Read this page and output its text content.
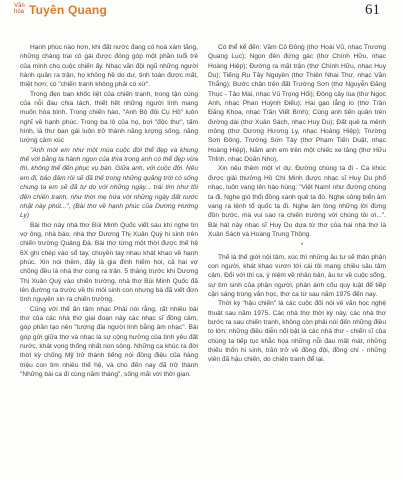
Văn hóa Tuyên Quang	61

Hạnh phúc nào hơn, khi đất nước đang có hoà xám tăng, những chàng trai cô gái được đóng góp một phần tuổi trẻ của mình cho cuộc chiến ấy. Nhạc văn đội ngũ những người hành quân ra trận, họ không hề do dư, tinh toán được mất, thiệt hơn; có "chiến tranh không phải có xứ".

Trong đẹn ban khốc liệt của chiến tranh, trong tận cùng của nỗi đau chia tách, thiết hết những người lính mang muốn hòa bình. Trong chiến hào, "Anh Bộ đội Cụ Hồ" luôn nghĩ về hạnh phúc. Trong ba lô của họ, bơi "độc thư", tấm hình, là thư ban gái luôn trở thành năng lượng sống, năng lượng cảm xúc

"Anh mời em như một mùa cuộc đời thể đẹp và khung thế với bằng ta hành ngon của thìa trong anh có thể đẹp vừa thì, không thể đến phục vụ bàn. Giữa anh, với cuộc đời. Nếu em đi, bảo đảm rồi sẽ đã thế trong những quãng trời có sống chung ta em sẽ đã tự do với những ngày... trái tim như tôi đến chiến tranh, như thời mẹ hứa với những ngày đất nước nhặt này phút...", (Bài thơ về hạnh phúc của Dương Hướng Ly)

Bài thơ này nhà thơ Bùi Minh Quốc viết sau khi nghe tin vợ ông, nhà báo, nhà thơ Dương Thị Xuân Quý hi sinh trên chiến trường Quảng Đà. Bài thơ từng một thời được thế hệ 6X ghi chép vào sổ tay, chuyền tay nhau khát khao về hạnh phúc. Xin nói thêm, đây là gia đình hiếm hoi, cả hai vợ chồng đều là nhà thơ cùng ra trận. 5 tháng trước khi Dương Thị Xuân Quý vào chiến trường, nhà thơ Bùi Minh Quốc đã lên đường ra trước về thi môi sinh con nhưng bà đã viết đơn tình nguyện xin ra chiến trường.

Cũng với thể ấn tâm nhạc Phải nói rằng, rất nhiều bài thơ của các nhà thơ giai đoạn này các nhạc sĩ đồng cảm, góp phần tạo nên "tượng đài người lính bằng âm nhạc". Bài góp gửi giữa thơ và nhạc là sự cộng hưởng của tình yêu đất nước, khát vọng thống nhất non sông. Những ca khúc ra đời thời kỳ chống Mỹ trở thành tiếng nói đồng điệu của hàng triệu con tim nhiều thế hệ, và cho đến nay đã trở thành "Những bài ca đi cùng năm tháng", sống mãi với thời gian.

Có thể kể đến: Vầm Cỏ Đông (thơ Hoài Vũ, nhạc Trương Quang Lục); Ngọn đèn đứng gác (thơ Chính Hữu, nhạc Hoàng Hiệp); Đường ra mặt trận (thơ Chính Hữu, nhạc Huy Du); Tiếng Ru Tây Nguyên (thơ Thiên Nhai Thơ, nhạc Văn Thắng); Bước chân trên đất Trường Sơn (thơ Nguyễn Đăng Thục - Tảo Mai, nhạc Vũ Trọng Hối); Đồng cây lúa (thơ Ngọc Anh, nhạc Phan Huỳnh Điểu); Hai gạo lẳng lo (thơ Trần Đăng Khoa, nhạc Trần Viết Bính); Cùng anh tiến quân trên đường dài (thơ Xuân Sách, nhạc Huy Du); Đất quê ta mênh mông (thơ Dương Hương Ly, nhạc Hoàng Hiệp); Trường Sơn Đông, Trường Sơn Tây (thơ Phạm Tiến Duật, nhạc Hoàng Hiệp), Năm anh em trên một chiếc xe tăng (thơ Hữu Thỉnh, nhạc Doãn Nho),

Xin nêu thêm một ví dụ: Đường chúng ta đi - Ca khúc được giải thưởng Hồ Chí Minh được nhạc sĩ Huy Du phổ nhạc, luôn vang lên hào hùng: "Việt Nam! như đường chúng ta đi. Nghe gió thổi đồng xanh quê ta đó. Nghe sông biển âm vang ra lệnh tổ quốc ta đi. Nghe âm lòng những lời đừng đồn bước, mà vui sao ra chiến trường với chúng tôi ơi...". Bài hát này nhạc sĩ Huy Du dựa từ thơ của hai nhà thơ là Xuân Sách và Hoàng Trung Thông.

*

Thế là thế giới nội tâm, xúc thì những âu tư sẽ thân phận con người, khát khao vươn tới cái tôi mang chiều sâu tâm cảm. Đổi với thi ca, ý niệm về nhân bản, âu tư về cuộc sống, sự tìm sinh của phận người, phản ánh cốu quy luật để tiếp cận sáng trong văn học, thơ ca từ sau năm 1975 đến nay.

Thời kỳ "hậu chiến" là các cuộc đối nói về văn học nghệ thuật sau năm 1975. Các nhà thơ thời kỳ này, các nhà thơ bước ra sau chiến tranh, không còn phải nói đến những điều to lớn; những điều diễn nối bật là các nhà thơ - chiến sĩ của chúng ta tiếp tục khắc họa những nỗi đau mất mát, những thiếu thốn hi sinh, trăn trở về đồng đội, đồng chí - những viên đã hậu chiến, do chiến tranh để lại.
